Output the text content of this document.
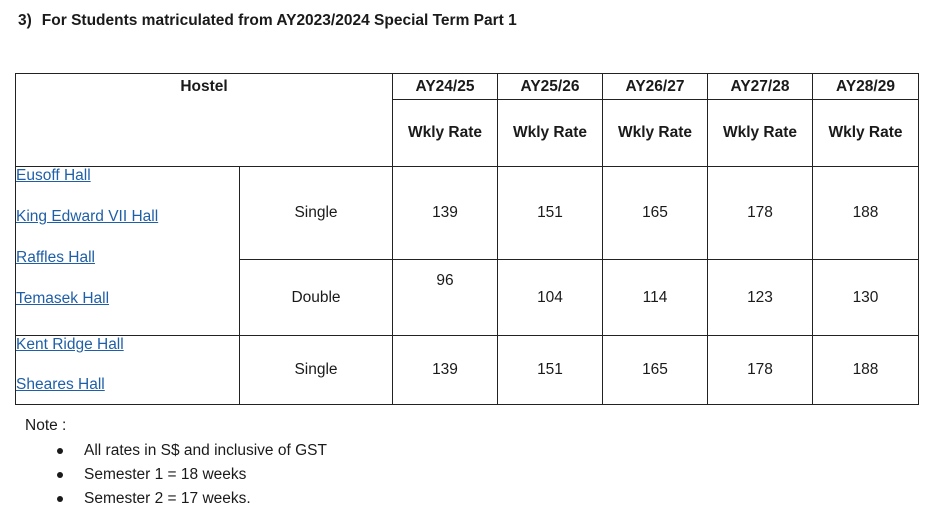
3) For Students matriculated from AY2023/2024 Special Term Part 1
Hostel		AY24/25	AY25/26	AY26/27	AY27/28	AY28/29
		Wkly Rate	Wkly Rate	Wkly Rate	Wkly Rate	Wkly Rate

Eusoff Hall
King Edward VII Hall
Raffles Hall
Temasek Hall	Single	139	151	165	178	188
	Double	96	104	114	123	130

Kent Ridge Hall
Sheares Hall	Single	139	151	165	178	188
Note :
All rates in S$ and inclusive of GST
Semester 1 = 18 weeks
Semester 2 = 17 weeks.
